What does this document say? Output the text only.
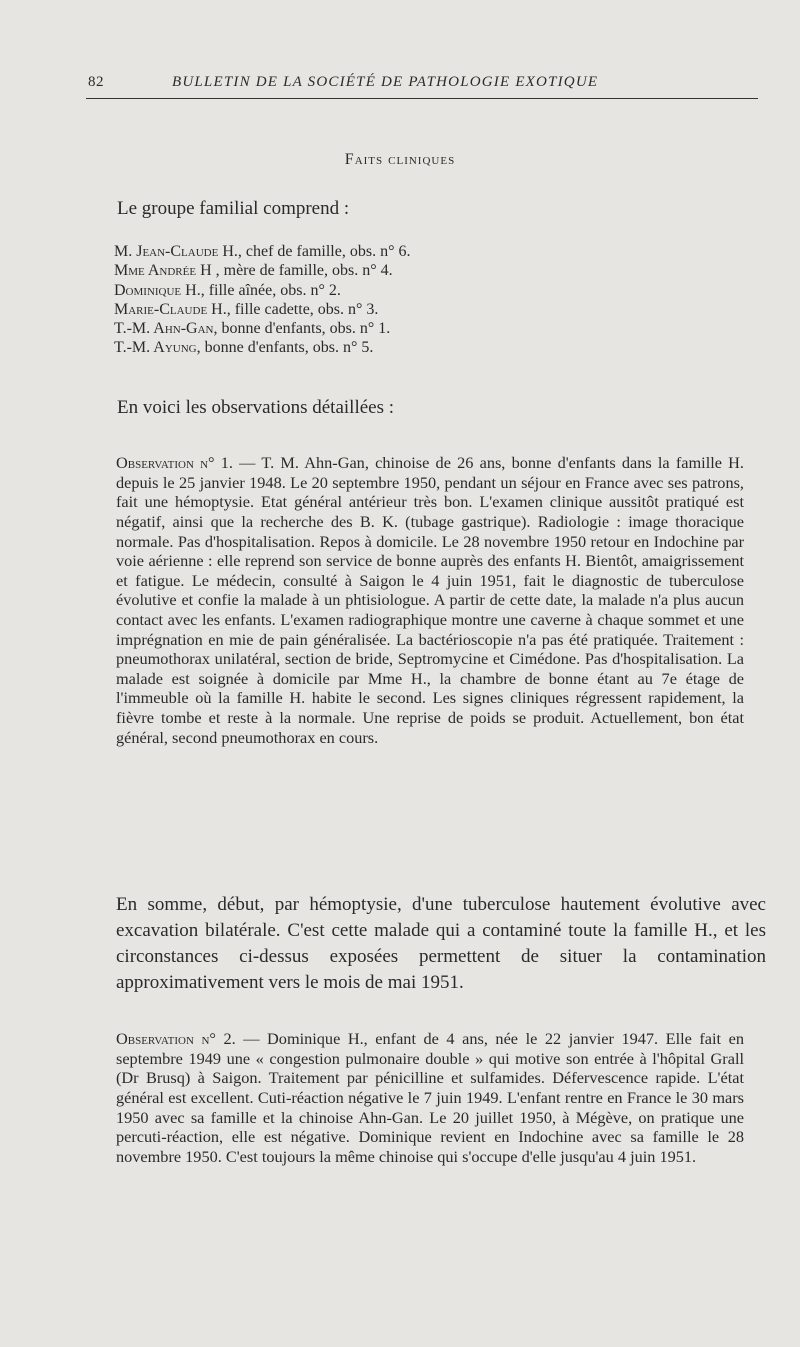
82	BULLETIN DE LA SOCIÉTÉ DE PATHOLOGIE EXOTIQUE
Faits cliniques
Le groupe familial comprend :
M. Jean-Claude H., chef de famille, obs. n° 6.
Mme Andrée H , mère de famille, obs. n° 4.
Dominique H., fille aînée, obs. n° 2.
Marie-Claude H., fille cadette, obs. n° 3.
T.-M. Ahn-Gan, bonne d'enfants, obs. n° 1.
T.-M. Ayung, bonne d'enfants, obs. n° 5.
En voici les observations détaillées :

Observation n° 1. — T. M. Ahn-Gan, chinoise de 26 ans, bonne d'enfants dans la famille H. depuis le 25 janvier 1948. Le 20 septembre 1950, pendant un séjour en France avec ses patrons, fait une hémoptysie. Etat général antérieur très bon. L'examen clinique aussitôt pratiqué est négatif, ainsi que la recherche des B. K. (tubage gastrique). Radiologie : image thoracique normale. Pas d'hospitalisation. Repos à domicile. Le 28 novembre 1950 retour en Indochine par voie aérienne : elle reprend son service de bonne auprès des enfants H. Bientôt, amaigrissement et fatigue. Le médecin, consulté à Saigon le 4 juin 1951, fait le diagnostic de tuberculose évolutive et confie la malade à un phtisiologue. A partir de cette date, la malade n'a plus aucun contact avec les enfants. L'examen radiographique montre une caverne à chaque sommet et une imprégnation en mie de pain généralisée. La bactérioscopie n'a pas été pratiquée. Traitement : pneumothorax unilatéral, section de bride, Septromycine et Cimédone. Pas d'hospitalisation. La malade est soignée à domicile par Mme H., la chambre de bonne étant au 7e étage de l'immeuble où la famille H. habite le second. Les signes cliniques régressent rapidement, la fièvre tombe et reste à la normale. Une reprise de poids se produit. Actuellement, bon état général, second pneumothorax en cours.

En somme, début, par hémoptysie, d'une tuberculose hautement évolutive avec excavation bilatérale. C'est cette malade qui a contaminé toute la famille H., et les circonstances ci-dessus exposées permettent de situer la contamination approximativement vers le mois de mai 1951.

Observation n° 2. — Dominique H., enfant de 4 ans, née le 22 janvier 1947. Elle fait en septembre 1949 une « congestion pulmonaire double » qui motive son entrée à l'hôpital Grall (Dr Brusq) à Saigon. Traitement par pénicilline et sulfamides. Défervescence rapide. L'état général est excellent. Cuti-réaction négative le 7 juin 1949. L'enfant rentre en France le 30 mars 1950 avec sa famille et la chinoise Ahn-Gan. Le 20 juillet 1950, à Mégève, on pratique une percuti-réaction, elle est négative. Dominique revient en Indochine avec sa famille le 28 novembre 1950. C'est toujours la même chinoise qui s'occupe d'elle jusqu'au 4 juin 1951.
